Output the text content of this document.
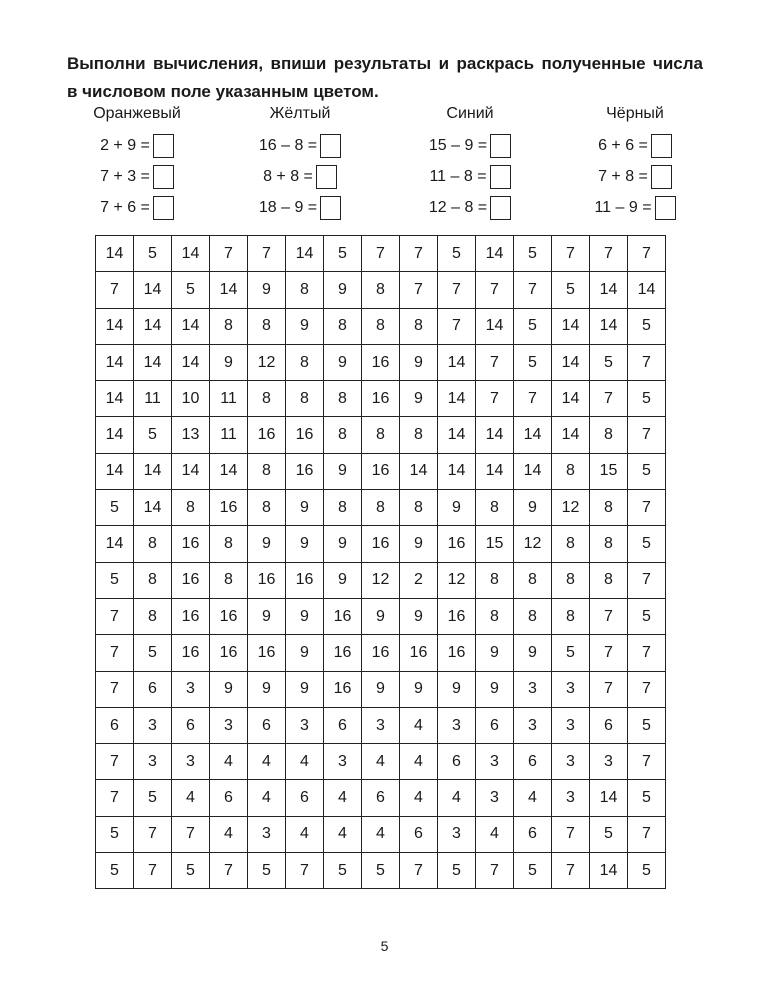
Выполни вычисления, впиши результаты и раскрась полученные числа
в числовом поле указанным цветом.
Оранжевый
2 + 9 =
7 + 3 =
7 + 6 =
Жёлтый
16 – 8 =
8 + 8 =
18 – 9 =
Синий
15 – 9 =
11 – 8 =
12 – 8 =
Чёрный
6 + 6 =
7 + 8 =
11 – 9 =
14	5	14	7	7	14	5	7	7	5	14	5	7	7	7
7	14	5	14	9	8	9	8	7	7	7	7	5	14	14
14	14	14	8	8	9	8	8	8	7	14	5	14	14	5
14	14	14	9	12	8	9	16	9	14	7	5	14	5	7
14	11	10	11	8	8	8	16	9	14	7	7	14	7	5
14	5	13	11	16	16	8	8	8	14	14	14	14	8	7
14	14	14	14	8	16	9	16	14	14	14	14	8	15	5
5	14	8	16	8	9	8	8	8	9	8	9	12	8	7
14	8	16	8	9	9	9	16	9	16	15	12	8	8	5
5	8	16	8	16	16	9	12	2	12	8	8	8	8	7
7	8	16	16	9	9	16	9	9	16	8	8	8	7	5
7	5	16	16	16	9	16	16	16	16	9	9	5	7	7
7	6	3	9	9	9	16	9	9	9	9	3	3	7	7
6	3	6	3	6	3	6	3	4	3	6	3	3	6	5
7	3	3	4	4	4	3	4	4	6	3	6	3	3	7
7	5	4	6	4	6	4	6	4	4	3	4	3	14	5
5	7	7	4	3	4	4	4	6	3	4	6	7	5	7
5	7	5	7	5	7	5	5	7	5	7	5	7	14	5
5
